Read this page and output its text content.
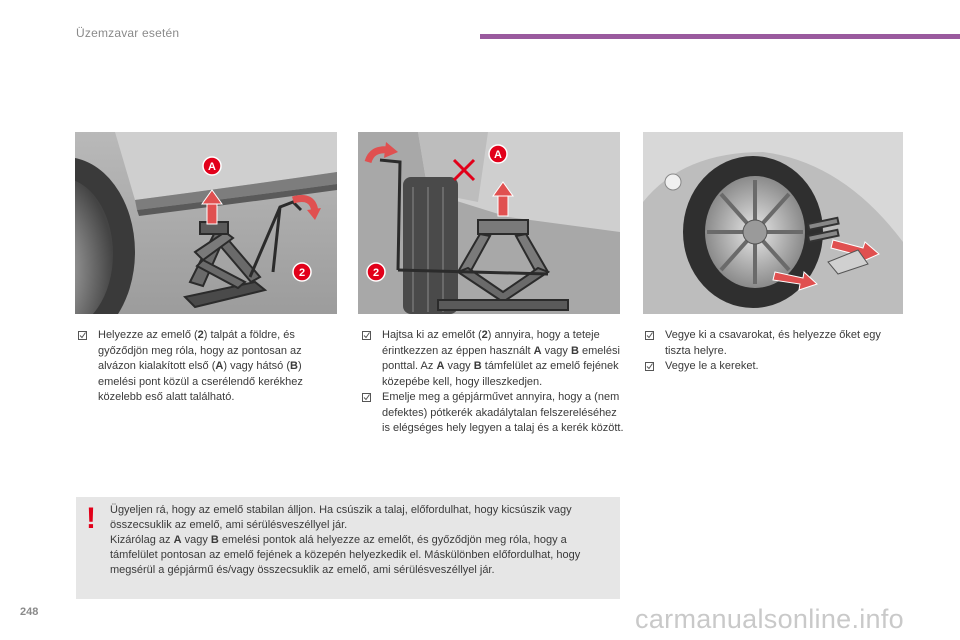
Üzemzavar esetén
A
2
A
2
Helyezze az emelő (2) talpát a földre, és győződjön meg róla, hogy az pontosan az alvázon kialakított első (A) vagy hátsó (B) emelési pont közül a cserélendő kerékhez közelebb eső alatt található.
Hajtsa ki az emelőt (2) annyira, hogy a teteje érintkezzen az éppen használt A vagy B emelési ponttal. Az A vagy B támfelület az emelő fejének közepébe kell, hogy illeszkedjen.
Emelje meg a gépjárművet annyira, hogy a (nem defektes) pótkerék akadálytalan felszereléséhez is elégséges hely legyen a talaj és a kerék között.
Vegye ki a csavarokat, és helyezze őket egy tiszta helyre.
Vegye le a kereket.
! Ügyeljen rá, hogy az emelő stabilan álljon. Ha csúszik a talaj, előfordulhat, hogy kicsúszik vagy összecsuklik az emelő, ami sérülésveszéllyel jár.

Kizárólag az A vagy B emelési pontok alá helyezze az emelőt, és győződjön meg róla, hogy a támfelület pontosan az emelő fejének a közepén helyezkedik el. Máskülönben előfordulhat, hogy megsérül a gépjármű és/vagy összecsuklik az emelő, ami sérülésveszéllyel jár.

248	carmanualsonline.info
